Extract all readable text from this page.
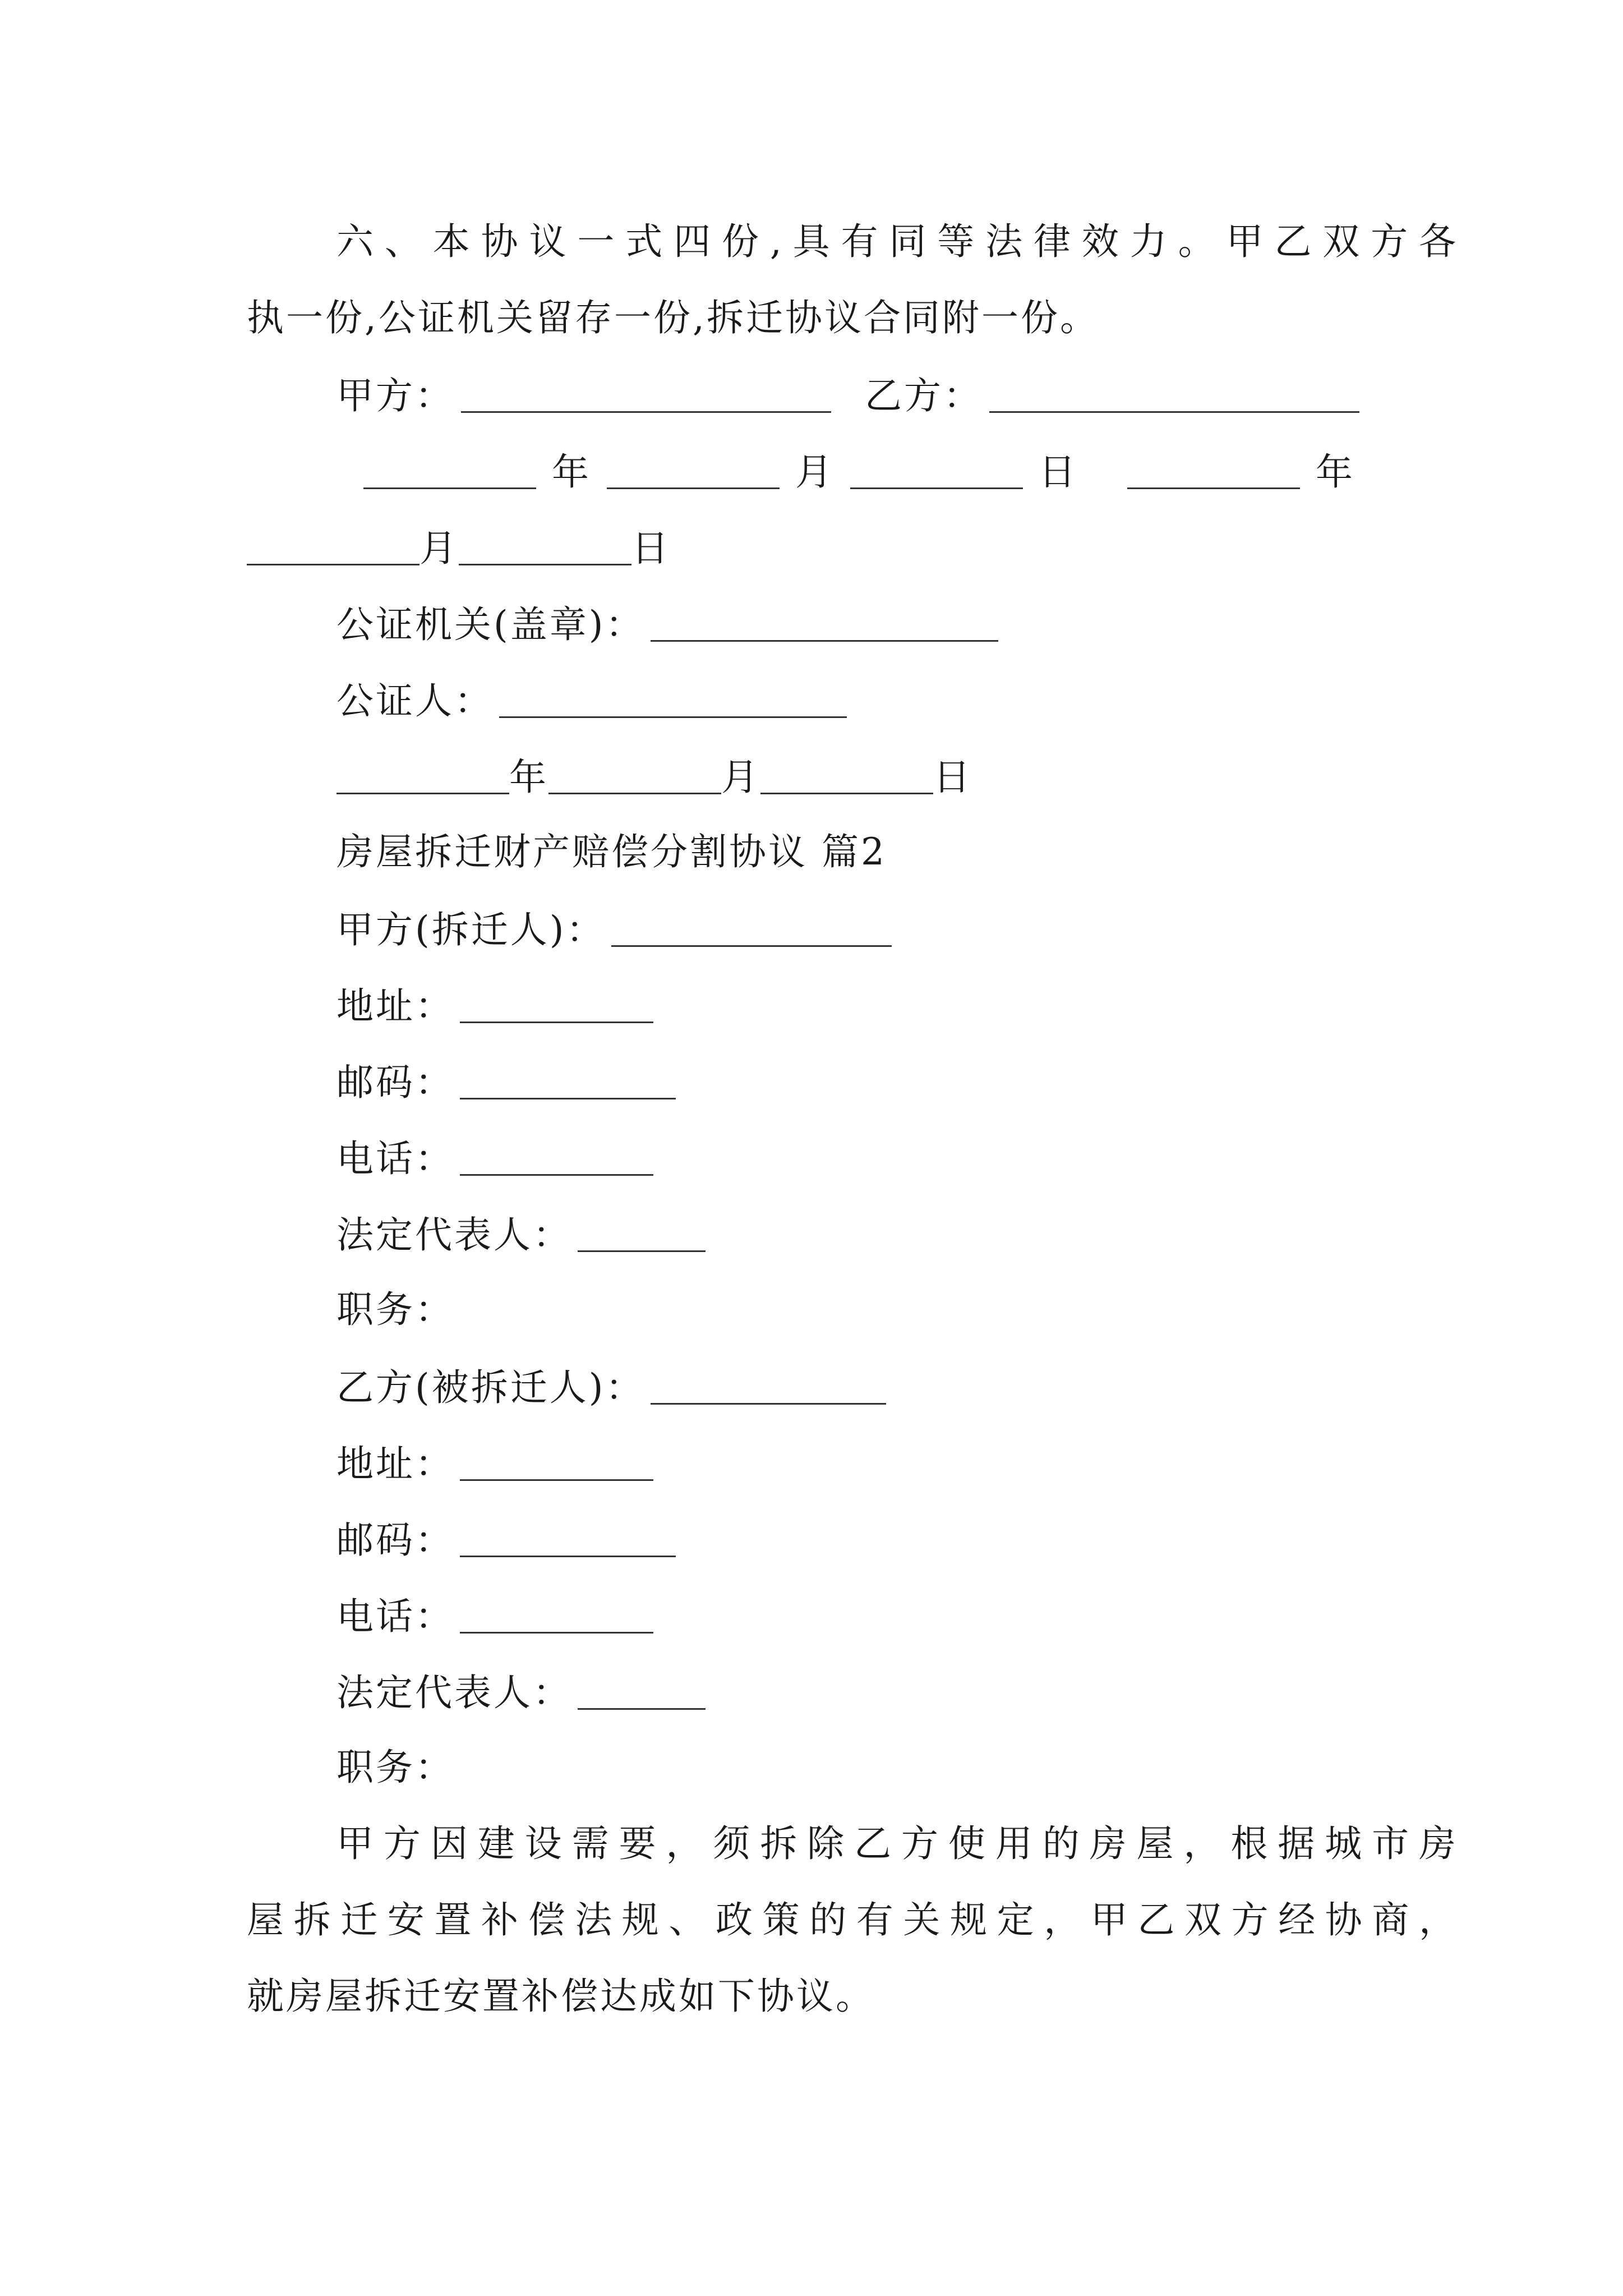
六、本协议一式四份,具有同等法律效力。甲乙双方各
执一份,公证机关留存一份,拆迁协议合同附一份。
甲方：	乙方：
年	月	日	年
月	日
公证机关(盖章)：
公证人：
年	月	日
房屋拆迁财产赔偿分割协议 篇2
甲方(拆迁人)：
地址：
邮码：
电话：
法定代表人：
职务：
乙方(被拆迁人)：
地址：
邮码：
电话：
法定代表人：
职务：
甲方因建设需要，须拆除乙方使用的房屋，根据城市房
屋拆迁安置补偿法规、政策的有关规定，甲乙双方经协商，
就房屋拆迁安置补偿达成如下协议。
